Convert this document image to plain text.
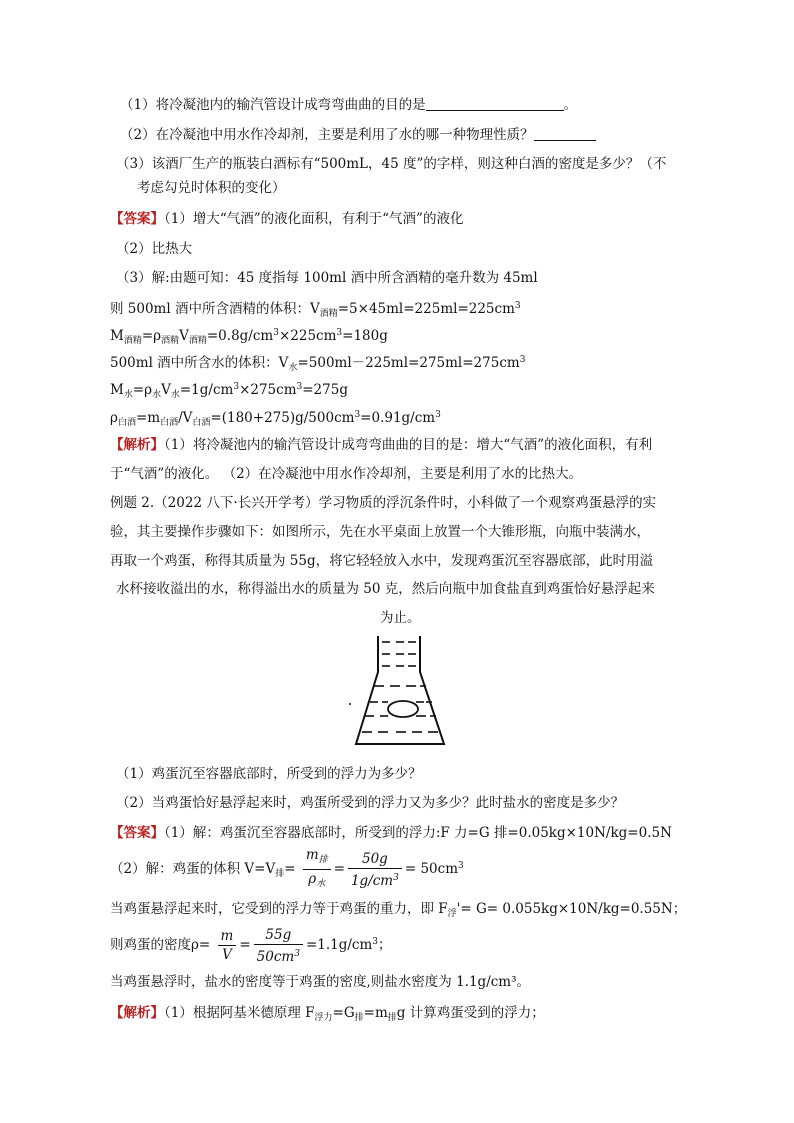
（1）将冷凝池内的输汽管设计成弯弯曲曲的目的是	。
（2）在冷凝池中用水作冷却剂，主要是利用了水的哪一种物理性质？
（3）该酒厂生产的瓶装白酒标有“500mL，45 度”的字样，则这种白酒的密度是多少？（不
考虑勾兑时体积的变化）
【答案】（1）增大“气酒”的液化面积，有利于“气酒”的液化
（2）比热大
（3）解:由题可知：45 度指每 100ml 酒中所含酒精的毫升数为 45ml
则 500ml 酒中所含酒精的体积：$V_{酒精}=5\times 45ml=225ml=225cm^3$
$M_{酒精}=\rho_{酒精}V_{酒精}=0.8g/cm^3\times 225cm^3=180g$
500ml 酒中所含水的体积：$V_水=500ml-225ml=275ml=275cm^3$
$M_水=\rho_水V_水=1g/cm^3\times 275cm^3=275g$
$\rho_{白酒}=m_{白酒}/V_{白酒}=(180+275)g/500cm^3=0.91g/cm^3$
【解析】（1）将冷凝池内的输汽管设计成弯弯曲曲的目的是：增大“气酒”的液化面积，有利
于“气酒”的液化。 （2）在冷凝池中用水作冷却剂，主要是利用了水的比热大。
例题 2.（2022 八下·长兴开学考）学习物质的浮沉条件时，小科做了一个观察鸡蛋悬浮的实
验，其主要操作步骤如下：如图所示，先在水平桌面上放置一个大锥形瓶，向瓶中装满水，
再取一个鸡蛋，称得其质量为 55g，将它轻轻放入水中，发现鸡蛋沉至容器底部，此时用溢
水杯接收溢出的水，称得溢出水的质量为 50 克，然后向瓶中加食盐直到鸡蛋恰好悬浮起来
为止。
（1）鸡蛋沉至容器底部时，所受到的浮力为多少？
（2）当鸡蛋恰好悬浮起来时，鸡蛋所受到的浮力又为多少？此时盐水的密度是多少？
【答案】（1）解：鸡蛋沉至容器底部时，所受到的浮力:F 力=G 排=0.05kg×10N/kg=0.5N
（2）解：鸡蛋的体积 $V=V_排= \frac{m_排}{\rho_水} = \frac{50g}{1g/cm^3} = 50cm^3$
当鸡蛋悬浮起来时，它受到的浮力等于鸡蛋的重力，即 $F_浮'= G= 0.055kg\times 10N/kg=0.55N$；
则鸡蛋的密度$\rho= \frac{m}{V} = \frac{55g}{50cm^3} =1.1g/cm^3$；
当鸡蛋悬浮时，盐水的密度等于鸡蛋的密度,则盐水密度为 1.1g/cm³。
【解析】（1）根据阿基米德原理 $F_{浮力}=G_排=m_排g$ 计算鸡蛋受到的浮力；
